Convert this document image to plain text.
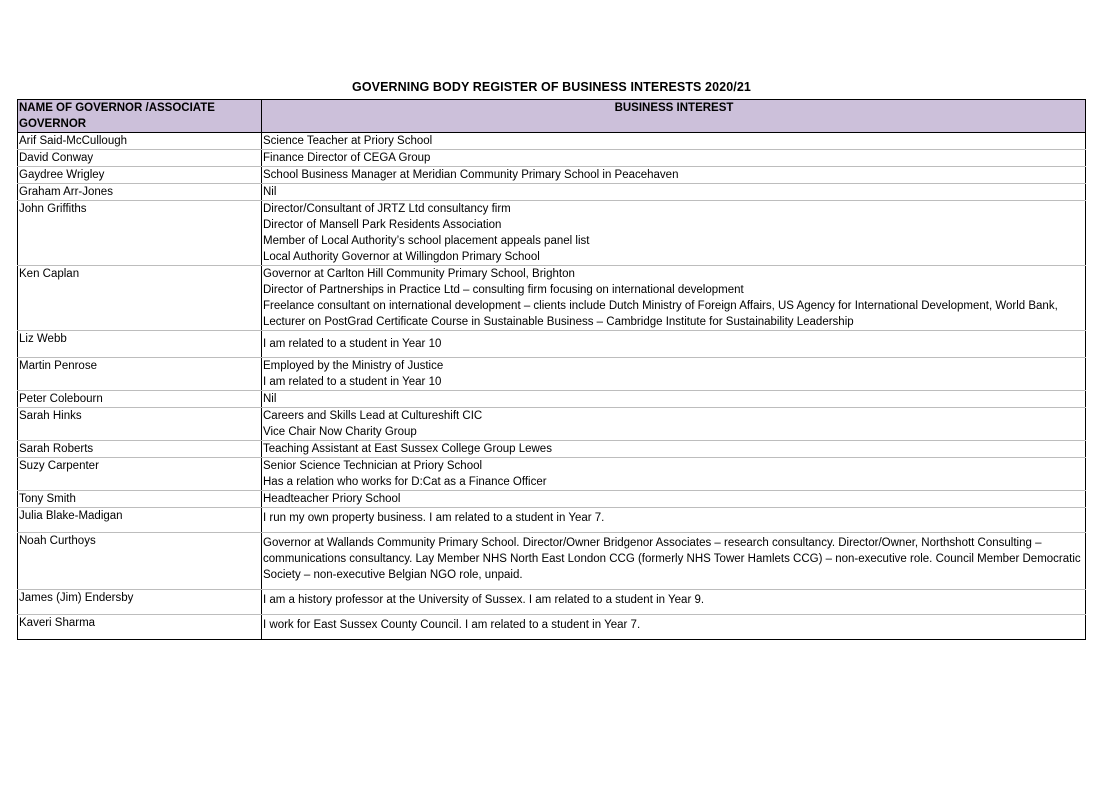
GOVERNING BODY REGISTER OF BUSINESS INTERESTS 2020/21
NAME OF GOVERNOR /ASSOCIATE GOVERNOR	BUSINESS INTEREST
Arif Said-McCullough	Science Teacher at Priory School

David Conway	Finance Director of CEGA Group

Gaydree Wrigley	School Business Manager at Meridian Community Primary School in Peacehaven

Graham Arr-Jones	Nil

John Griffiths	Director/Consultant of JRTZ Ltd consultancy firm
Director of Mansell Park Residents Association
Member of Local Authority’s school placement appeals panel list
Local Authority Governor at Willingdon Primary School

Ken Caplan	Governor at Carlton Hill Community Primary School, Brighton
Director of Partnerships in Practice Ltd – consulting firm focusing on international development
Freelance consultant on international development – clients include Dutch Ministry of Foreign Affairs, US Agency for International Development, World Bank, Lecturer on PostGrad Certificate Course in Sustainable Business – Cambridge Institute for Sustainability Leadership

Liz Webb	I am related to a student in Year 10

Martin Penrose	Employed by the Ministry of Justice
I am related to a student in Year 10

Peter Colebourn	Nil

Sarah Hinks	Careers and Skills Lead at Cultureshift CIC
Vice Chair Now Charity Group

Sarah Roberts	Teaching Assistant at East Sussex College Group Lewes

Suzy Carpenter	Senior Science Technician at Priory School
Has a relation who works for D:Cat as a Finance Officer

Tony Smith	Headteacher Priory School

Julia Blake-Madigan	I run my own property business. I am related to a student in Year 7.

Noah Curthoys	Governor at Wallands Community Primary School. Director/Owner Bridgenor Associates – research consultancy. Director/Owner, Northshott Consulting – communications consultancy. Lay Member NHS North East London CCG (formerly NHS Tower Hamlets CCG) – non-executive role. Council Member Democratic Society – non-executive Belgian NGO role, unpaid.

James (Jim) Endersby	I am a history professor at the University of Sussex. I am related to a student in Year 9.

Kaveri Sharma	I work for East Sussex County Council. I am related to a student in Year 7.
